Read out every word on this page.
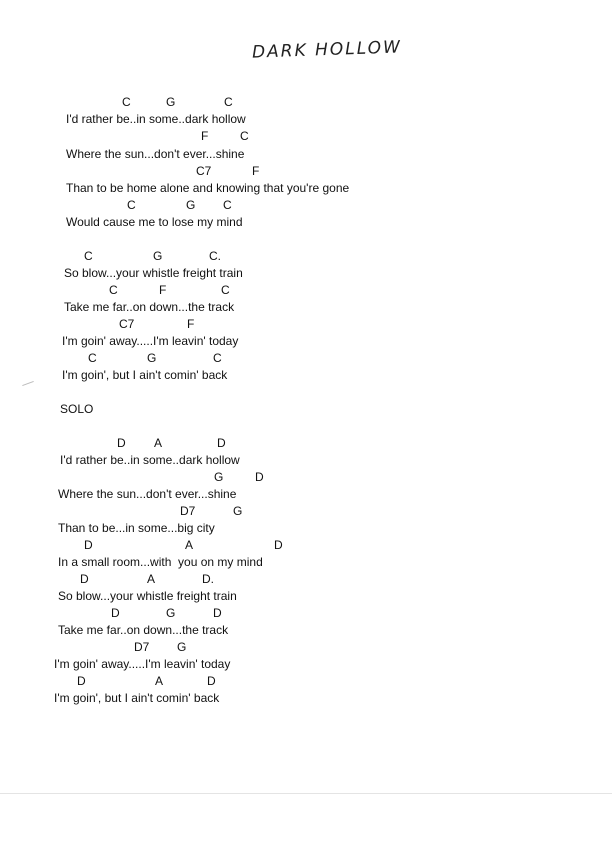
DARK HOLLOW
C	G	C
I'd rather be..in some..dark hollow
F	C
Where the sun...don't ever...shine
C7	F
Than to be home alone and knowing that you're gone
C	G C
Would cause me to lose my mind
C	G	C.
So blow...your whistle freight train
C	F	C
Take me far..on down...the track
C7	F
I'm goin' away.....I'm leavin' today
C	G	C
I'm goin', but I ain't comin' back
SOLO
D A	D
I'd rather be..in some..dark hollow
G	D
Where the sun...don't ever...shine
D7	G
Than to be...in some...big city
D	A	D
In a small room...with  you on my mind
D	A	D.
So blow...your whistle freight train
D	G	D
Take me far..on down...the track
D7 G
I'm goin' away.....I'm leavin' today
D	A	D
I'm goin', but I ain't comin' back
